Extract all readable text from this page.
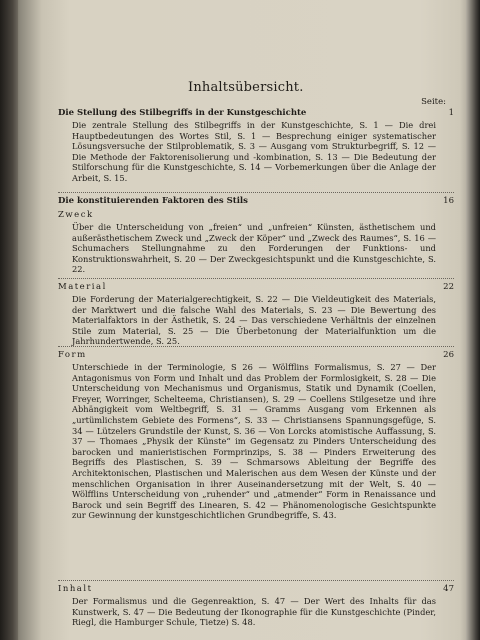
Inhaltsübersicht.
Seite:
Die Stellung des Stilbegriffs in der Kunstgeschichte	1
Die zentrale Stellung des Stilbegriffs in der Kunstgeschichte, S. 1 — Die drei Hauptbedeutungen des Wortes Stil, S. 1 — Besprechung einiger systematischer Lösungsversuche der Stilproblematik, S. 3 — Ausgang vom Strukturbegriff, S. 12 — Die Methode der Faktorenisolierung und -kombination, S. 13 — Die Bedeutung der Stilforschung für die Kunstgeschichte, S. 14 — Vorbemerkungen über die Anlage der Arbeit, S. 15.
Die konstituierenden Faktoren des Stils	16
Zweck
Über die Unterscheidung von „freien“ und „unfreien“ Künsten, ästhetischem und außerästhetischem Zweck und „Zweck der Köper“ und „Zweck des Raumes“, S. 16 — Schumachers Stellungnahme zu den Forderungen der Funktions- und Konstruktionswahrheit, S. 20 — Der Zweckgesichtspunkt und die Kunstgeschichte, S. 22.
Material	22
Die Forderung der Materialgerechtigkeit, S. 22 — Die Vieldeutigkeit des Materials, der Marktwert und die falsche Wahl des Materials, S. 23 — Die Bewertung des Materialfaktors in der Ästhetik, S. 24 — Das verschiedene Verhältnis der einzelnen Stile zum Material, S. 25 — Die Überbetonung der Materialfunktion um die Jahrhundertwende, S. 25.
Form	26
Unterschiede in der Terminologie, S 26 — Wölfflins Formalismus, S. 27 — Der Antagonismus von Form und Inhalt und das Problem der Formlosigkeit, S. 28 — Die Unterscheidung von Mechanismus und Organismus, Statik und Dynamik (Coellen, Freyer, Worringer, Schelteema, Christiansen), S. 29 — Coellens Stilgesetze und ihre Abhängigkeit vom Weltbegriff, S. 31 — Gramms Ausgang vom Erkennen als „urtümlichstem Gebiete des Formens“, S. 33 — Christiansens Spannungsgefüge, S. 34 — Lützelers Grundstile der Kunst, S. 36 — Von Lorcks atomistische Auffassung, S. 37 — Thomaes „Physik der Künste“ im Gegensatz zu Pinders Unterscheidung des barocken und manieristischen Formprinzips, S. 38 — Pinders Erweiterung des Begriffs des Plastischen, S. 39 — Schmarsows Ableitung der Begriffe des Architektonischen, Plastischen und Malerischen aus dem Wesen der Künste und der menschlichen Organisation in ihrer Auseinandersetzung mit der Welt, S. 40 — Wölfflins Unterscheidung von „ruhender“ und „atmender“ Form in Renaissance und Barock und sein Begriff des Linearen, S. 42 — Phänomenologische Gesichtspunkte zur Gewinnung der kunstgeschichtlichen Grundbegriffe, S. 43.
Inhalt	47
Der Formalismus und die Gegenreaktion, S. 47 — Der Wert des Inhalts für das Kunstwerk, S. 47 — Die Bedeutung der Ikonographie für die Kunstgeschichte (Pinder, Riegl, die Hamburger Schule, Tietze) S. 48.
